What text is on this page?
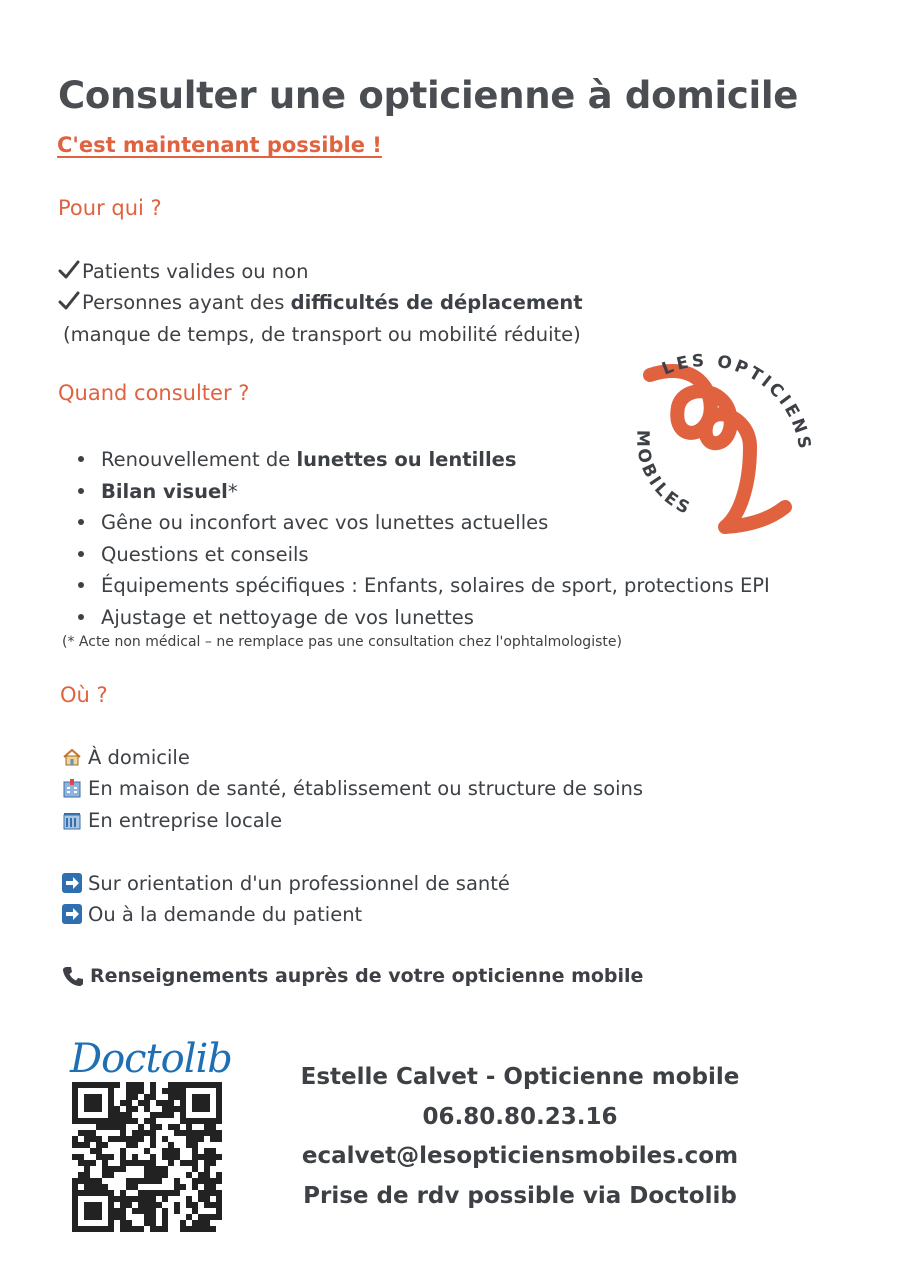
Consulter une opticienne à domicile
C'est maintenant possible !
Pour qui ?
Patients valides ou non
Personnes ayant des difficultés de déplacement
(manque de temps, de transport ou mobilité réduite)
LES OPTICIENS
MOBILES
Quand consulter ?
Renouvellement de lunettes ou lentilles
Bilan visuel*
Gêne ou inconfort avec vos lunettes actuelles
Questions et conseils
Équipements spécifiques : Enfants, solaires de sport, protections EPI
Ajustage et nettoyage de vos lunettes
(* Acte non médical – ne remplace pas une consultation chez l'ophtalmologiste)
Où ?
À domicile
En maison de santé, établissement ou structure de soins
En entreprise locale
Sur orientation d'un professionnel de santé
Ou à la demande du patient
Renseignements auprès de votre opticienne mobile
Doctolib	Estelle Calvet - Opticienne mobile
06.80.80.23.16
ecalvet@lesopticiensmobiles.com
Prise de rdv possible via Doctolib
